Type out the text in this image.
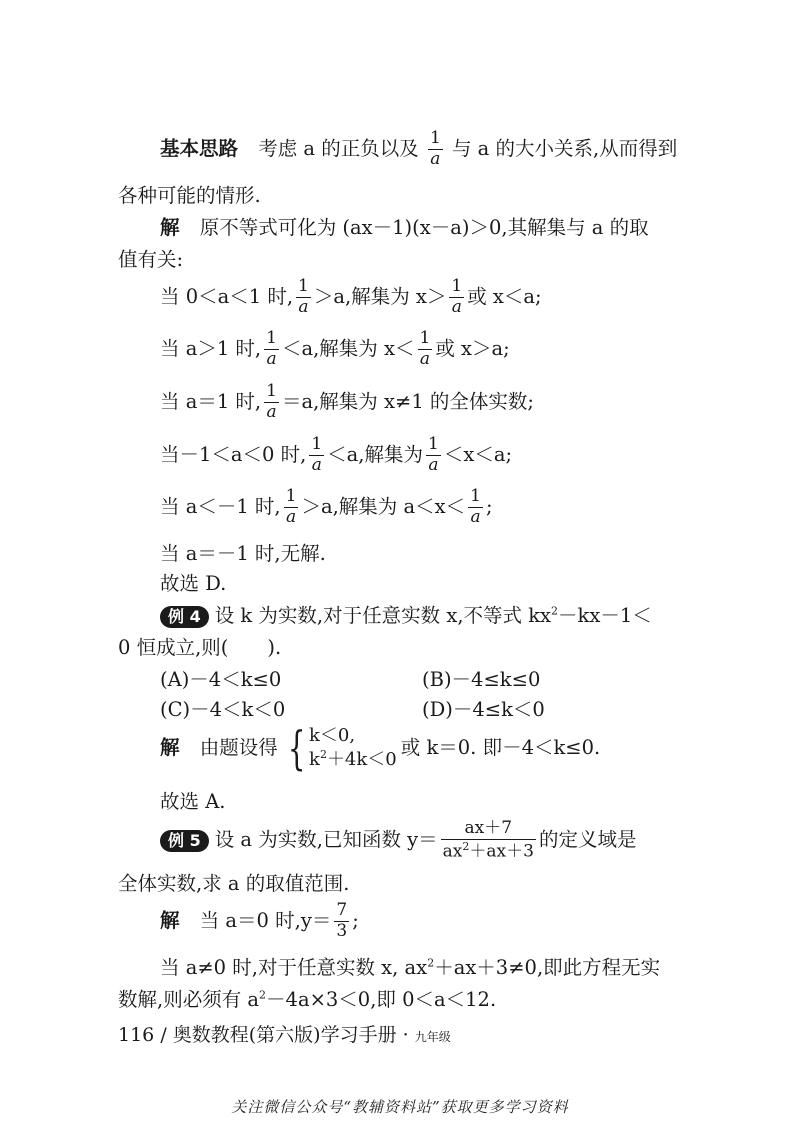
基本思路 考虑 a 的正负以及 $\frac{1}{a}$ 与 a 的大小关系,从而得到
各种可能的情形.
解 原不等式可化为 (ax－1)(x－a)＞0,其解集与 a 的取
值有关:
当 0＜a＜1 时, $\frac{1}{a} >a$,解集为 $x> \frac{1}{a}$ 或 x＜a;
当 a＞1 时, $\frac{1}{a} <a$,解集为 $x< \frac{1}{a}$ 或 x＞a;
当 a＝1 时, $\frac{1}{a} =a$,解集为 x≠1 的全体实数;
当－1＜a＜0 时, $\frac{1}{a} <a$,解集为 $\frac{1}{a} <x<a$;
当 a＜－1 时, $\frac{1}{a} >a$,解集为 $a<x< \frac{1}{a}$ ;
当 a＝－1 时,无解.
故选 D.
例 4 设 k 为实数,对于任意实数 x,不等式 $kx^2-kx-1<$
0 恒成立,则(　　).
(A)－4＜k≤0	(B)－4≤k≤0
(C)－4＜k＜0	(D)－4≤k＜0
解 由题设得 { k＜0,
$k^2+4k<0$
或 k＝0. 即－4＜k≤0.
故选 A.
例 5 设 a 为实数,已知函数 $y= \frac{ax+7}{ax^2+ax+3}$ 的定义域是
全体实数,求 a 的取值范围.
解 当 a＝0 时$,y= \frac{7}{3}$ ;
当 a≠0 时,对于任意实数 x, $ax^2+ax+3\ne 0$,即此方程无实
数解,则必须有 $a^2-4a\times 3<0$,即 0＜a＜12.
116 / 奥数教程(第六版)学习手册 · 九年级
关注微信公众号“教辅资料站”获取更多学习资料
